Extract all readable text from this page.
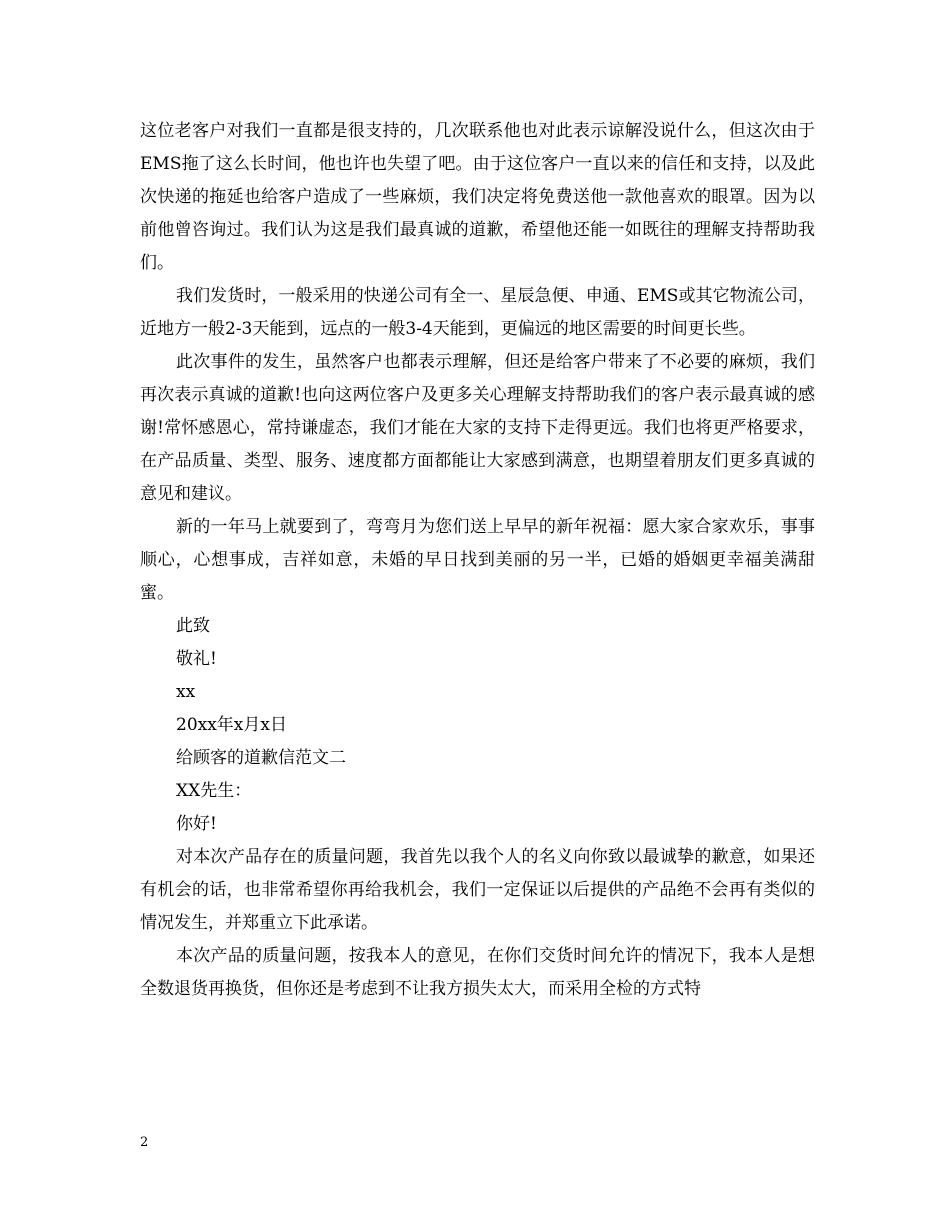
这位老客户对我们一直都是很支持的，几次联系他也对此表示谅解没说什么，但这次由于EMS拖了这么长时间，他也许也失望了吧。由于这位客户一直以来的信任和支持，以及此次快递的拖延也给客户造成了一些麻烦，我们决定将免费送他一款他喜欢的眼罩。因为以前他曾咨询过。我们认为这是我们最真诚的道歉，希望他还能一如既往的理解支持帮助我们。

我们发货时，一般采用的快递公司有全一、星辰急便、申通、EMS或其它物流公司，近地方一般2-3天能到，远点的一般3-4天能到，更偏远的地区需要的时间更长些。

此次事件的发生，虽然客户也都表示理解，但还是给客户带来了不必要的麻烦，我们再次表示真诚的道歉!也向这两位客户及更多关心理解支持帮助我们的客户表示最真诚的感谢!常怀感恩心，常持谦虚态，我们才能在大家的支持下走得更远。我们也将更严格要求，在产品质量、类型、服务、速度都方面都能让大家感到满意，也期望着朋友们更多真诚的意见和建议。

新的一年马上就要到了，弯弯月为您们送上早早的新年祝福：愿大家合家欢乐，事事顺心，心想事成，吉祥如意，未婚的早日找到美丽的另一半，已婚的婚姻更幸福美满甜蜜。

此致
敬礼!
xx
20xx年x月x日
给顾客的道歉信范文二
XX先生：
你好!

对本次产品存在的质量问题，我首先以我个人的名义向你致以最诚挚的歉意，如果还有机会的话，也非常希望你再给我机会，我们一定保证以后提供的产品绝不会再有类似的情况发生，并郑重立下此承诺。

本次产品的质量问题，按我本人的意见，在你们交货时间允许的情况下，我本人是想全数退货再换货，但你还是考虑到不让我方损失太大，而采用全检的方式特

2
